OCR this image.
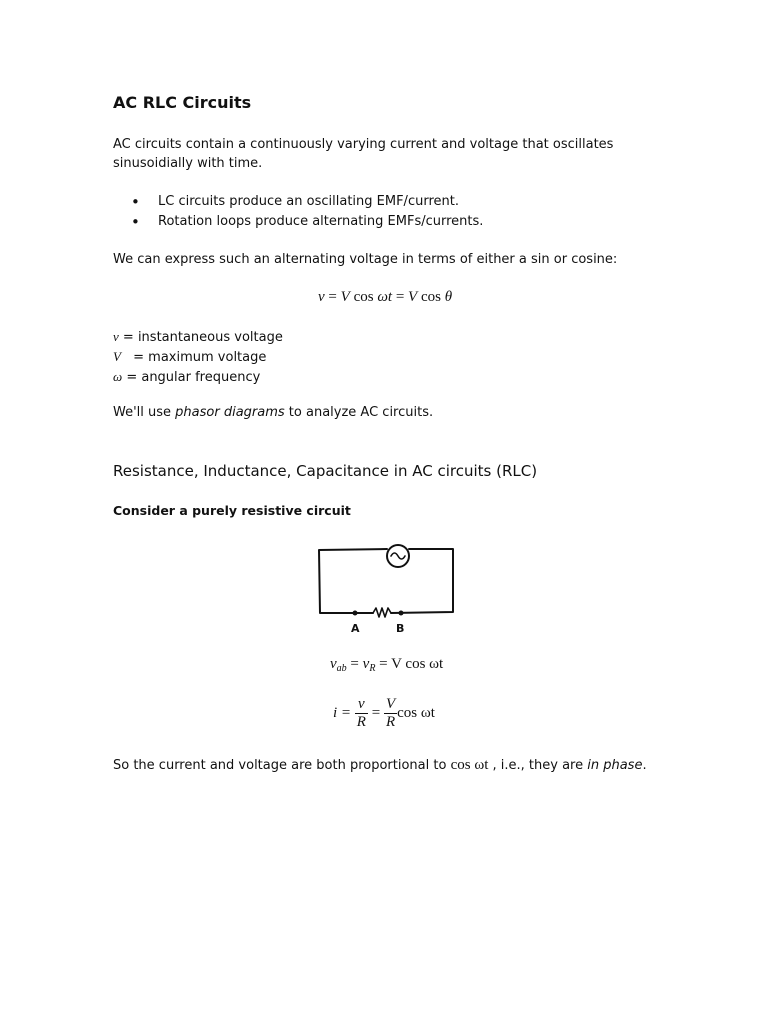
AC RLC Circuits
AC circuits contain a continuously varying current and voltage that oscillates
sinusoidially with time.
• LC circuits produce an oscillating EMF/current.
• Rotation loops produce alternating EMFs/currents.
We can express such an alternating voltage in terms of either a sin or cosine:
v = V cos ωt = V cos θ
v = instantaneous voltage
V = maximum voltage
ω = angular frequency
We'll use phasor diagrams to analyze AC circuits.
Resistance, Inductance, Capacitance in AC circuits (RLC)
Consider a purely resistive circuit
A	B
$v_{ab} = v_R = V$ cos ωt
$i = \frac{v}{R} = \frac{V}{R}$ cos ωt
So the current and voltage are both proportional to cos ωt , i.e., they are in phase.
